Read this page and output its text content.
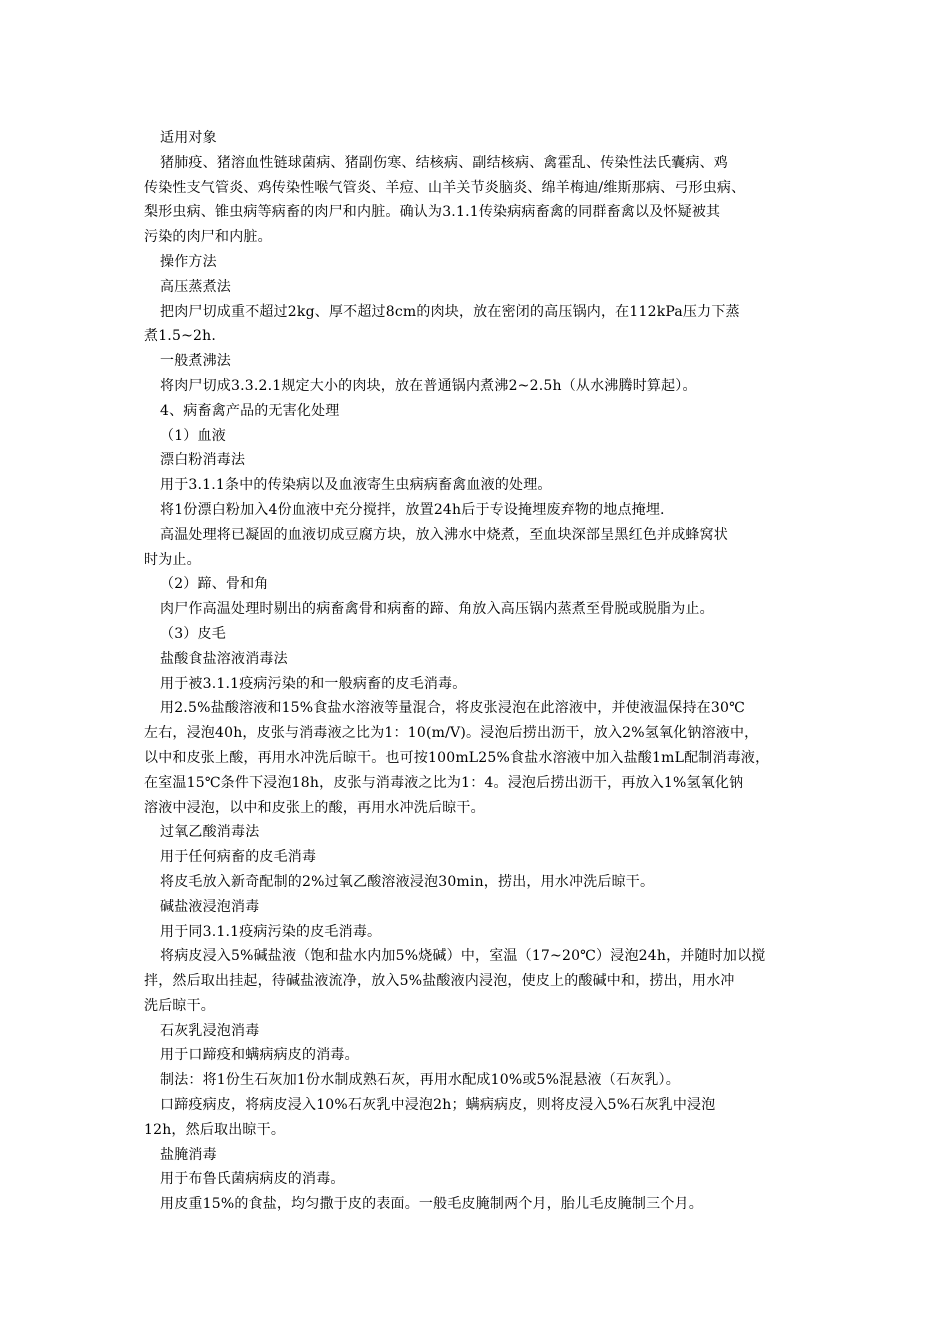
适用对象
猪肺疫、猪溶血性链球菌病、猪副伤寒、结核病、副结核病、禽霍乱、传染性法氏囊病、鸡
传染性支气管炎、鸡传染性喉气管炎、羊痘、山羊关节炎脑炎、绵羊梅迪/维斯那病、弓形虫病、
梨形虫病、锥虫病等病畜的肉尸和内脏。确认为3.1.1传染病病畜禽的同群畜禽以及怀疑被其
污染的肉尸和内脏。
操作方法
高压蒸煮法
把肉尸切成重不超过2kg、厚不超过8cm的肉块，放在密闭的高压锅内，在112kPa压力下蒸
煮1.5~2h.
一般煮沸法
将肉尸切成3.3.2.1规定大小的肉块，放在普通锅内煮沸2~2.5h（从水沸腾时算起）。
4、病畜禽产品的无害化处理
（1）血液
漂白粉消毒法
用于3.1.1条中的传染病以及血液寄生虫病病畜禽血液的处理。
将1份漂白粉加入4份血液中充分搅拌，放置24h后于专设掩埋废弃物的地点掩埋.
高温处理将已凝固的血液切成豆腐方块，放入沸水中烧煮，至血块深部呈黑红色并成蜂窝状
时为止。
（2）蹄、骨和角
肉尸作高温处理时剔出的病畜禽骨和病畜的蹄、角放入高压锅内蒸煮至骨脱或脱脂为止。
（3）皮毛
盐酸食盐溶液消毒法
用于被3.1.1疫病污染的和一般病畜的皮毛消毒。
用2.5%盐酸溶液和15%食盐水溶液等量混合，将皮张浸泡在此溶液中，并使液温保持在30℃
左右，浸泡40h，皮张与消毒液之比为1：10(m/V)。浸泡后捞出沥干，放入2%氢氧化钠溶液中，
以中和皮张上酸，再用水冲洗后晾干。也可按100mL25%食盐水溶液中加入盐酸1mL配制消毒液，
在室温15℃条件下浸泡18h，皮张与消毒液之比为1：4。浸泡后捞出沥干，再放入1%氢氧化钠
溶液中浸泡，以中和皮张上的酸，再用水冲洗后晾干。
过氧乙酸消毒法
用于任何病畜的皮毛消毒
将皮毛放入新奇配制的2%过氧乙酸溶液浸泡30min，捞出，用水冲洗后晾干。
碱盐液浸泡消毒
用于同3.1.1疫病污染的皮毛消毒。
将病皮浸入5%碱盐液（饱和盐水内加5%烧碱）中，室温（17~20℃）浸泡24h，并随时加以搅
拌，然后取出挂起，待碱盐液流净，放入5%盐酸液内浸泡，使皮上的酸碱中和，捞出，用水冲
洗后晾干。
石灰乳浸泡消毒
用于口蹄疫和螨病病皮的消毒。
制法：将1份生石灰加1份水制成熟石灰，再用水配成10%或5%混悬液（石灰乳）。
口蹄疫病皮，将病皮浸入10%石灰乳中浸泡2h；螨病病皮，则将皮浸入5%石灰乳中浸泡
12h，然后取出晾干。
盐腌消毒
用于布鲁氏菌病病皮的消毒。
用皮重15%的食盐，均匀撒于皮的表面。一般毛皮腌制两个月，胎儿毛皮腌制三个月。
